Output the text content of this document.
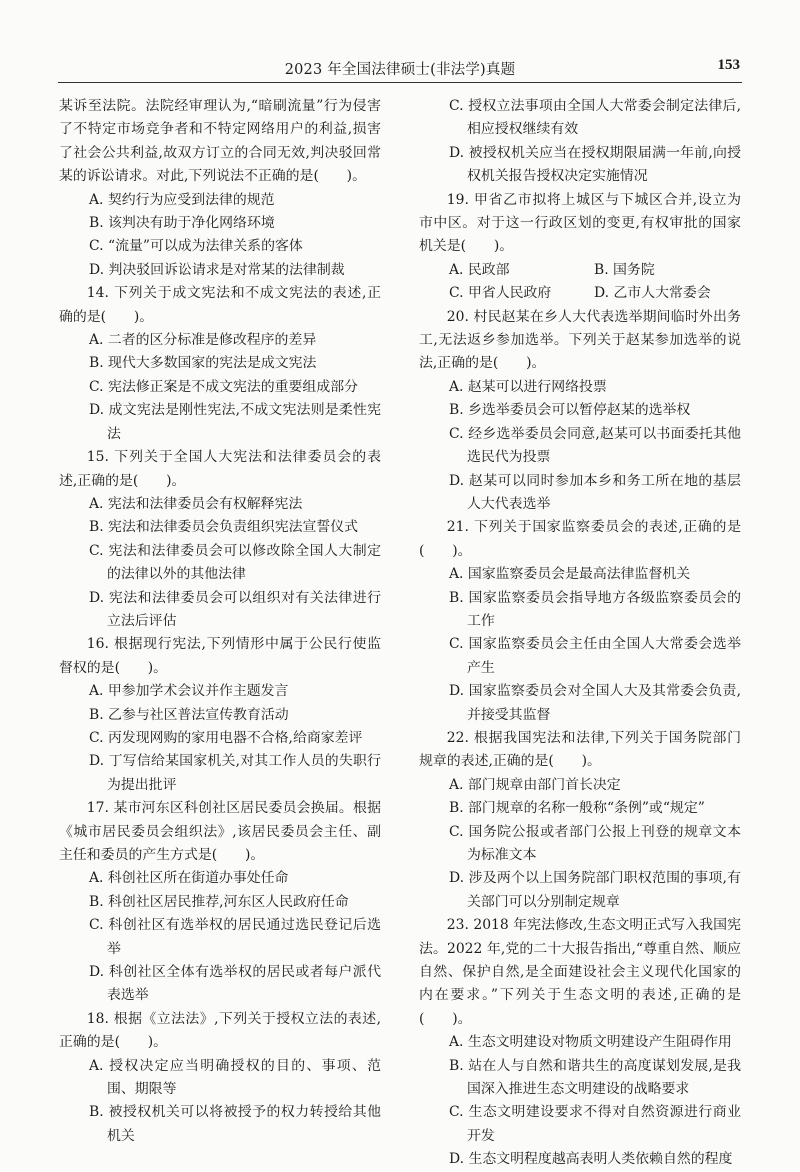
2023 年全国法律硕士(非法学)真题	153

某诉至法院。法院经审理认为,“暗刷流量”行为侵害了不特定市场竞争者和不特定网络用户的利益,损害了社会公共利益,故双方订立的合同无效,判决驳回常某的诉讼请求。对此,下列说法不正确的是(　　)。

A. 契约行为应受到法律的规范

B. 该判决有助于净化网络环境

C. “流量”可以成为法律关系的客体

D. 判决驳回诉讼请求是对常某的法律制裁

14. 下列关于成文宪法和不成文宪法的表述,正确的是(　　)。

A. 二者的区分标准是修改程序的差异

B. 现代大多数国家的宪法是成文宪法

C. 宪法修正案是不成文宪法的重要组成部分

D. 成文宪法是刚性宪法,不成文宪法则是柔性宪法

15. 下列关于全国人大宪法和法律委员会的表述,正确的是(　　)。

A. 宪法和法律委员会有权解释宪法

B. 宪法和法律委员会负责组织宪法宣誓仪式

C. 宪法和法律委员会可以修改除全国人大制定的法律以外的其他法律

D. 宪法和法律委员会可以组织对有关法律进行立法后评估

16. 根据现行宪法,下列情形中属于公民行使监督权的是(　　)。

A. 甲参加学术会议并作主题发言

B. 乙参与社区普法宣传教育活动

C. 丙发现网购的家用电器不合格,给商家差评

D. 丁写信给某国家机关,对其工作人员的失职行为提出批评

17. 某市河东区科创社区居民委员会换届。根据《城市居民委员会组织法》,该居民委员会主任、副主任和委员的产生方式是(　　)。

A. 科创社区所在街道办事处任命

B. 科创社区居民推荐,河东区人民政府任命

C. 科创社区有选举权的居民通过选民登记后选举

D. 科创社区全体有选举权的居民或者每户派代表选举

18. 根据《立法法》,下列关于授权立法的表述,正确的是(　　)。

A. 授权决定应当明确授权的目的、事项、范围、期限等

B. 被授权机关可以将被授予的权力转授给其他机关

C. 授权立法事项由全国人大常委会制定法律后,相应授权继续有效

D. 被授权机关应当在授权期限届满一年前,向授权机关报告授权决定实施情况

19. 甲省乙市拟将上城区与下城区合并,设立为市中区。对于这一行政区划的变更,有权审批的国家机关是(　　)。

A. 民政部	B. 国务院
C. 甲省人民政府	D. 乙市人大常委会

20. 村民赵某在乡人大代表选举期间临时外出务工,无法返乡参加选举。下列关于赵某参加选举的说法,正确的是(　　)。

A. 赵某可以进行网络投票

B. 乡选举委员会可以暂停赵某的选举权

C. 经乡选举委员会同意,赵某可以书面委托其他选民代为投票

D. 赵某可以同时参加本乡和务工所在地的基层人大代表选举

21. 下列关于国家监察委员会的表述,正确的是(　　)。

A. 国家监察委员会是最高法律监督机关

B. 国家监察委员会指导地方各级监察委员会的工作

C. 国家监察委员会主任由全国人大常委会选举产生

D. 国家监察委员会对全国人大及其常委会负责,并接受其监督

22. 根据我国宪法和法律,下列关于国务院部门规章的表述,正确的是(　　)。

A. 部门规章由部门首长决定

B. 部门规章的名称一般称“条例”或“规定”

C. 国务院公报或者部门公报上刊登的规章文本为标准文本

D. 涉及两个以上国务院部门职权范围的事项,有关部门可以分别制定规章

23. 2018 年宪法修改,生态文明正式写入我国宪法。2022 年,党的二十大报告指出,“尊重自然、顺应自然、保护自然,是全面建设社会主义现代化国家的内在要求。”下列关于生态文明的表述,正确的是(　　)。

A. 生态文明建设对物质文明建设产生阻碍作用

B. 站在人与自然和谐共生的高度谋划发展,是我国深入推进生态文明建设的战略要求

C. 生态文明建设要求不得对自然资源进行商业开发

D. 生态文明程度越高表明人类依赖自然的程度
